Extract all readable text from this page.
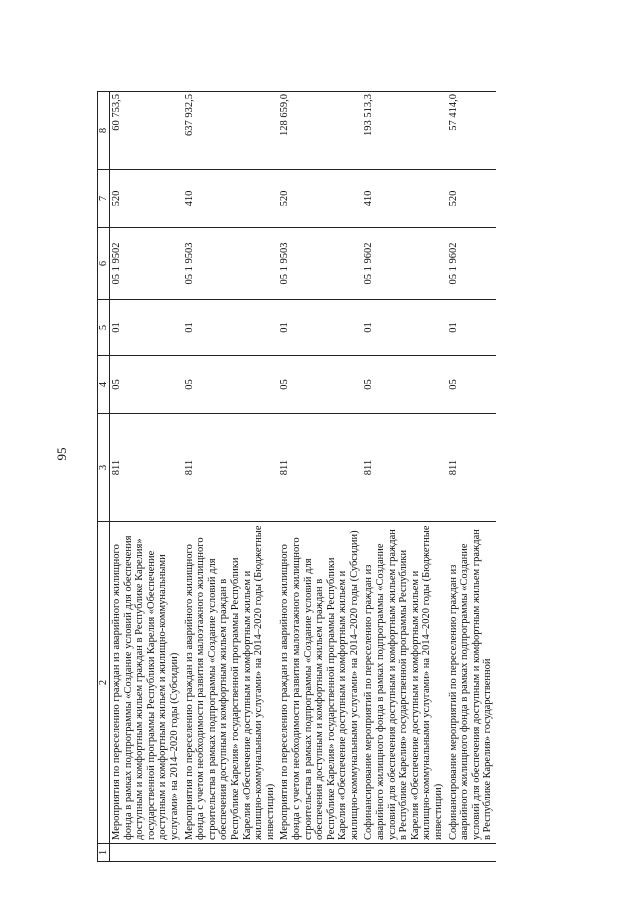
95
1	2	3	4	5	6	7	8
	Мероприятия по переселению граждан из аварийного жилищного фонда в рамках подпрограммы «Создание условий для обеспечения доступным и комфортным жильем граждан в Республике Карелия» государственной программы Республики Карелия «Обеспечение доступным и комфортным жильем и жилищно-коммунальными услугами» на 2014–2020 годы (Субсидии)	811	05	01	05 1 9502	520	60 753,5
	Мероприятия по переселению граждан из аварийного жилищного фонда с учетом необходимости развития малоэтажного жилищного строительства в рамках подпрограммы «Создание условий для обеспечения доступным и комфортным жильем граждан в Республике Карелия» государственной программы Республики Карелия «Обеспечение доступным и комфортным жильем и жилищно-коммунальными услугами» на 2014–2020 годы (Бюджетные инвестиции)	811	05	01	05 1 9503	410	637 932,5
	Мероприятия по переселению граждан из аварийного жилищного фонда с учетом необходимости развития малоэтажного жилищного строительства в рамках подпрограммы «Создание условий для обеспечения доступным и комфортным жильем граждан в Республике Карелия» государственной программы Республики Карелия «Обеспечение доступным и комфортным жильем и жилищно-коммунальными услугами» на 2014–2020 годы (Субсидии)	811	05	01	05 1 9503	520	128 659,0
	Софинансирование мероприятий по переселению граждан из аварийного жилищного фонда в рамках подпрограммы «Создание условий для обеспечения доступным и комфортным жильем граждан в Республике Карелия» государственной программы Республики Карелия «Обеспечение доступным и комфортным жильем и жилищно-коммунальными услугами» на 2014–2020 годы (Бюджетные инвестиции)	811	05	01	05 1 9602	410	193 513,3
	Софинансирование мероприятий по переселению граждан из аварийного жилищного фонда в рамках подпрограммы «Создание условий для обеспечения доступным и комфортным жильем граждан в Республике Карелия» государственной	811	05	01	05 1 9602	520	57 414,0
